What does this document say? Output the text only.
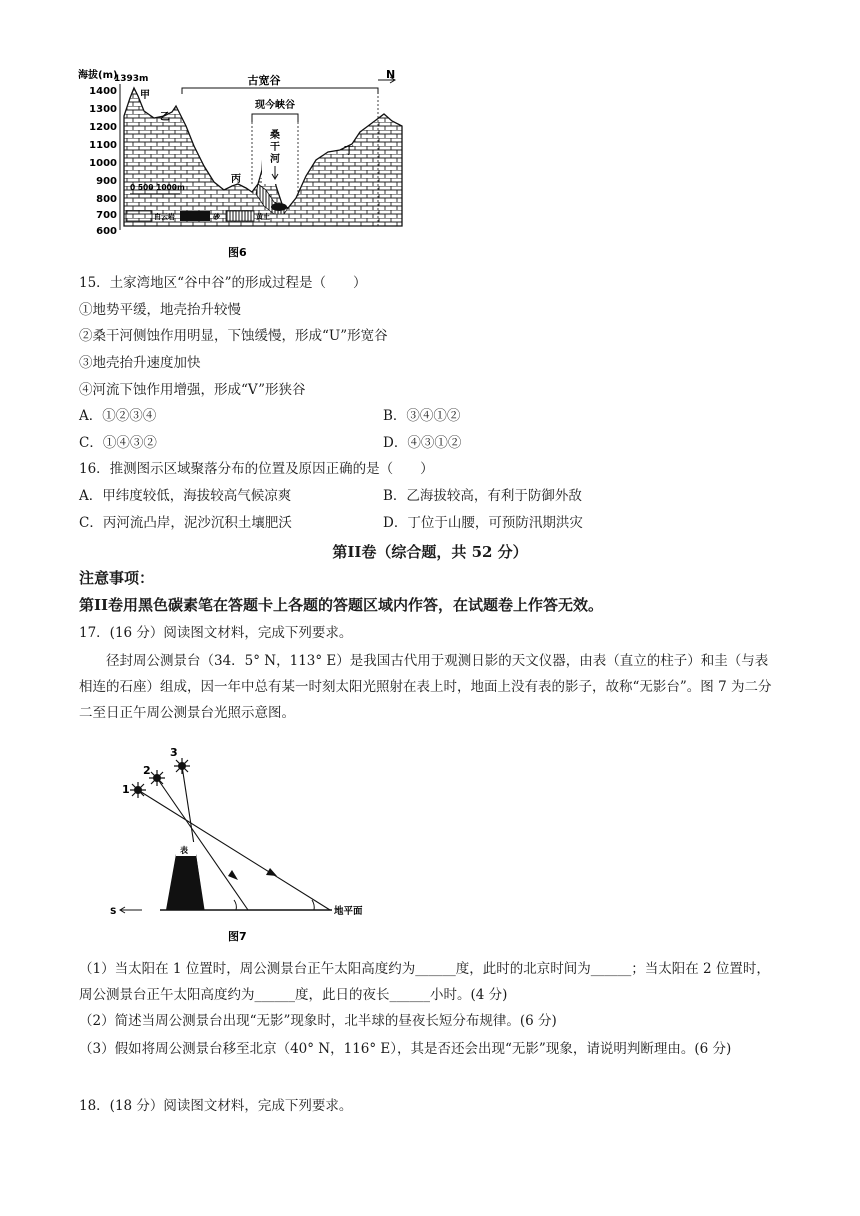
海拔(m)
1393m
1400
1300
1200
1100
1000
900
800
700
600
古宽谷
现今峡谷
桑
干
河
N
甲
乙
丙
丁
0 500 1000m
白云岩	砂	黄土
图6
15．土家湾地区“谷中谷”的形成过程是（　　）
①地势平缓，地壳抬升较慢
②桑干河侧蚀作用明显，下蚀缓慢，形成“U”形宽谷
③地壳抬升速度加快
④河流下蚀作用增强，形成“V”形狭谷
A．①②③④	B．③④①②
C．①④③②	D．④③①②
16．推测图示区域聚落分布的位置及原因正确的是（　　）
A．甲纬度较低，海拔较高气候凉爽	B．乙海拔较高，有利于防御外敌
C．丙河流凸岸，泥沙沉积土壤肥沃	D．丁位于山腰，可预防汛期洪灾
第II卷（综合题，共 52 分）
注意事项：
第II卷用黑色碳素笔在答题卡上各题的答题区域内作答，在试题卷上作答无效。
17．(16 分）阅读图文材料，完成下列要求。
径封周公测景台（34．5° N，113° E）是我国古代用于观测日影的天文仪器，由表（直立的柱子）和圭（与表相连的石座）组成，因一年中总有某一时刻太阳光照射在表上时，地面上没有表的影子，故称“无影台”。图 7 为二分二至日正午周公测景台光照示意图。
1
2
3
表
地平面
S
图7
（1）当太阳在 1 位置时，周公测景台正午太阳高度约为______度，此时的北京时间为______；当太阳在 2 位置时，周公测景台正午太阳高度约为______度，此日的夜长______小时。(4 分)
（2）简述当周公测景台出现“无影”现象时，北半球的昼夜长短分布规律。(6 分)
（3）假如将周公测景台移至北京（40° N，116° E），其是否还会出现“无影”现象，请说明判断理由。(6 分)
18．(18 分）阅读图文材料，完成下列要求。
